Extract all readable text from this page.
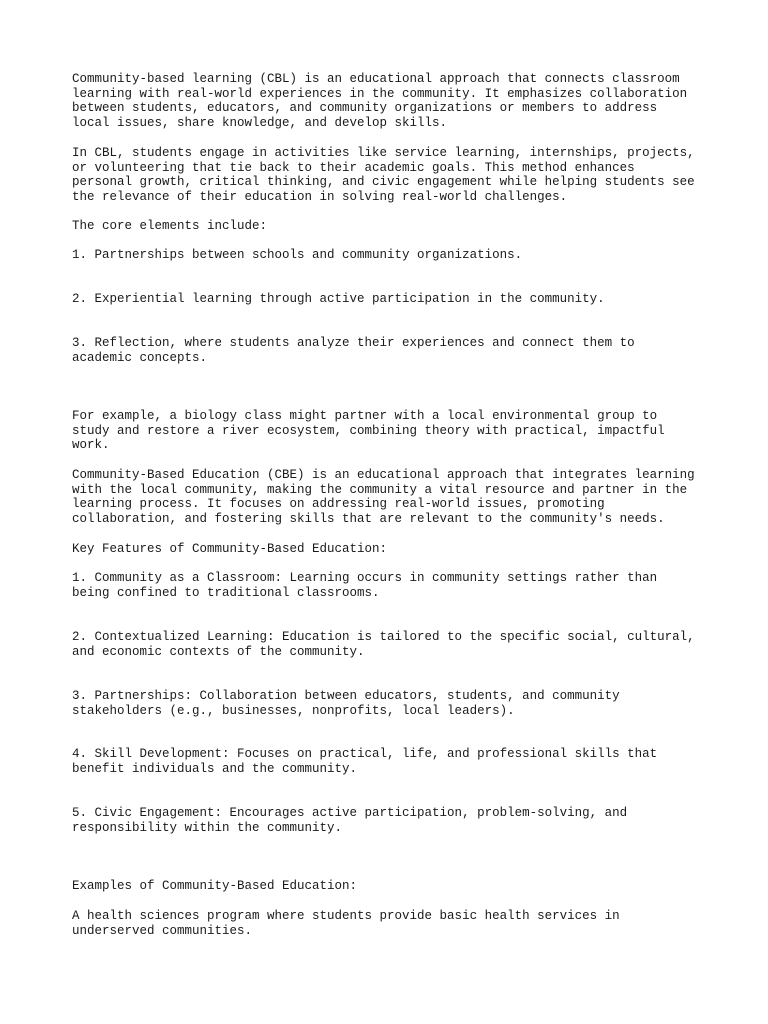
Community-based learning (CBL) is an educational approach that connects classroom
learning with real-world experiences in the community. It emphasizes collaboration
between students, educators, and community organizations or members to address
local issues, share knowledge, and develop skills.

In CBL, students engage in activities like service learning, internships, projects,
or volunteering that tie back to their academic goals. This method enhances
personal growth, critical thinking, and civic engagement while helping students see
the relevance of their education in solving real-world challenges.

The core elements include:

1. Partnerships between schools and community organizations.

2. Experiential learning through active participation in the community.

3. Reflection, where students analyze their experiences and connect them to
academic concepts.

For example, a biology class might partner with a local environmental group to
study and restore a river ecosystem, combining theory with practical, impactful
work.

Community-Based Education (CBE) is an educational approach that integrates learning
with the local community, making the community a vital resource and partner in the
learning process. It focuses on addressing real-world issues, promoting
collaboration, and fostering skills that are relevant to the community's needs.

Key Features of Community-Based Education:

1. Community as a Classroom: Learning occurs in community settings rather than
being confined to traditional classrooms.

2. Contextualized Learning: Education is tailored to the specific social, cultural,
and economic contexts of the community.

3. Partnerships: Collaboration between educators, students, and community
stakeholders (e.g., businesses, nonprofits, local leaders).

4. Skill Development: Focuses on practical, life, and professional skills that
benefit individuals and the community.

5. Civic Engagement: Encourages active participation, problem-solving, and
responsibility within the community.

Examples of Community-Based Education:

A health sciences program where students provide basic health services in
underserved communities.
